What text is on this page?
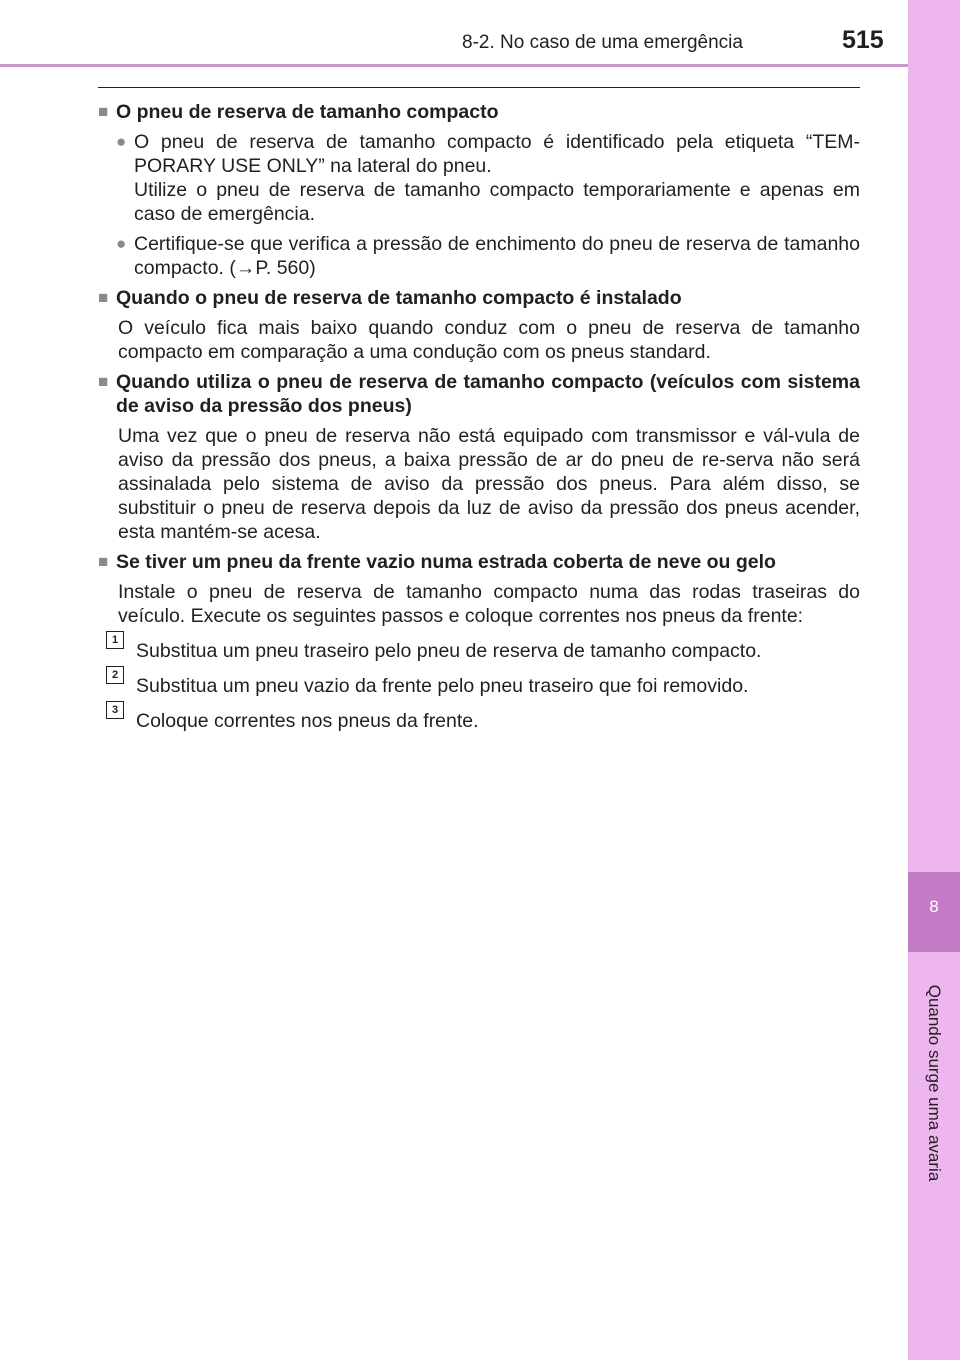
8-2. No caso de uma emergência	515
8
Quando surge uma avaria
■ O pneu de reserva de tamanho compacto
● O pneu de reserva de tamanho compacto é identificado pela etiqueta “TEM-PORARY USE ONLY” na lateral do pneu.
Utilize o pneu de reserva de tamanho compacto temporariamente e apenas em caso de emergência.
● Certifique-se que verifica a pressão de enchimento do pneu de reserva de tamanho compacto. (→P. 560)
■ Quando o pneu de reserva de tamanho compacto é instalado
O veículo fica mais baixo quando conduz com o pneu de reserva de tamanho compacto em comparação a uma condução com os pneus standard.
■ Quando utiliza o pneu de reserva de tamanho compacto (veículos com sistema de aviso da pressão dos pneus)
Uma vez que o pneu de reserva não está equipado com transmissor e vál-vula de aviso da pressão dos pneus, a baixa pressão de ar do pneu de re-serva não será assinalada pelo sistema de aviso da pressão dos pneus. Para além disso, se substituir o pneu de reserva depois da luz de aviso da pressão dos pneus acender, esta mantém-se acesa.
■ Se tiver um pneu da frente vazio numa estrada coberta de neve ou gelo
Instale o pneu de reserva de tamanho compacto numa das rodas traseiras do veículo. Execute os seguintes passos e coloque correntes nos pneus da frente:
1 Substitua um pneu traseiro pelo pneu de reserva de tamanho compacto.
2 Substitua um pneu vazio da frente pelo pneu traseiro que foi removido.
3 Coloque correntes nos pneus da frente.
